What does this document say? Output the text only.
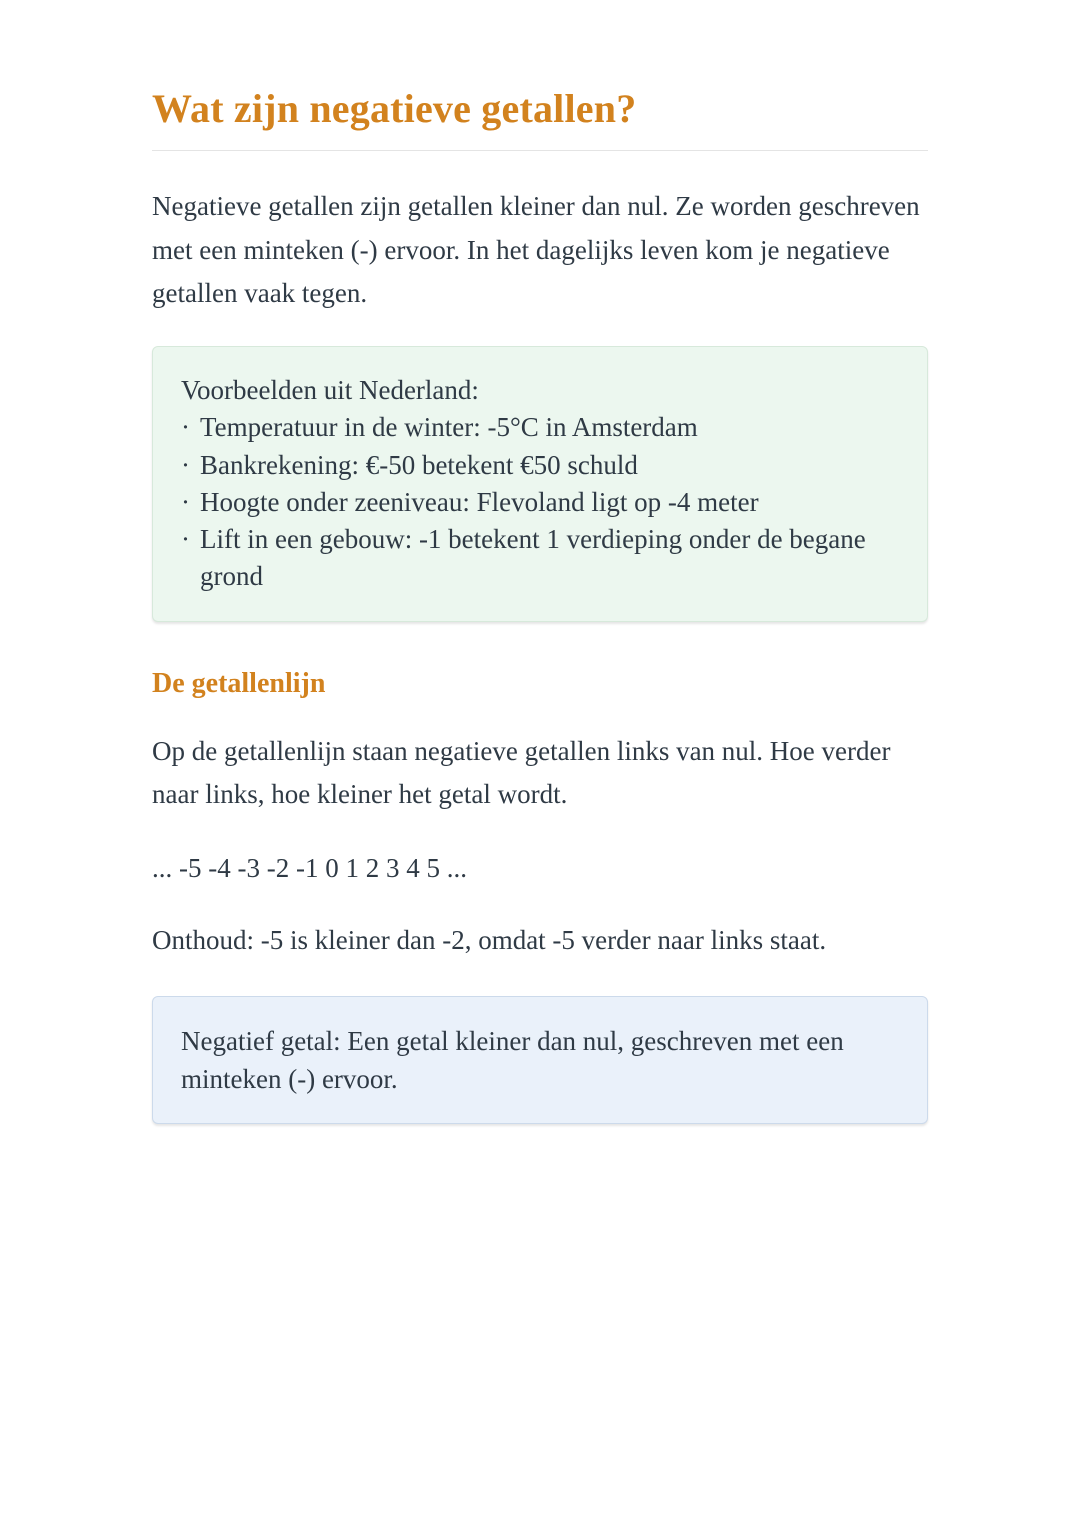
Wat zijn negatieve getallen?

Negatieve getallen zijn getallen kleiner dan nul. Ze worden geschreven met een minteken (-) ervoor. In het dagelijks leven kom je negatieve getallen vaak tegen.

Voorbeelden uit Nederland:

· Temperatuur in de winter: -5°C in Amsterdam
· Bankrekening: €-50 betekent €50 schuld
· Hoogte onder zeeniveau: Flevoland ligt op -4 meter
· Lift in een gebouw: -1 betekent 1 verdieping onder de begane grond
De getallenlijn

Op de getallenlijn staan negatieve getallen links van nul. Hoe verder naar links, hoe kleiner het getal wordt.

... -5 -4 -3 -2 -1 0 1 2 3 4 5 ...

Onthoud: -5 is kleiner dan -2, omdat -5 verder naar links staat.

Negatief getal: Een getal kleiner dan nul, geschreven met een minteken (-) ervoor.
